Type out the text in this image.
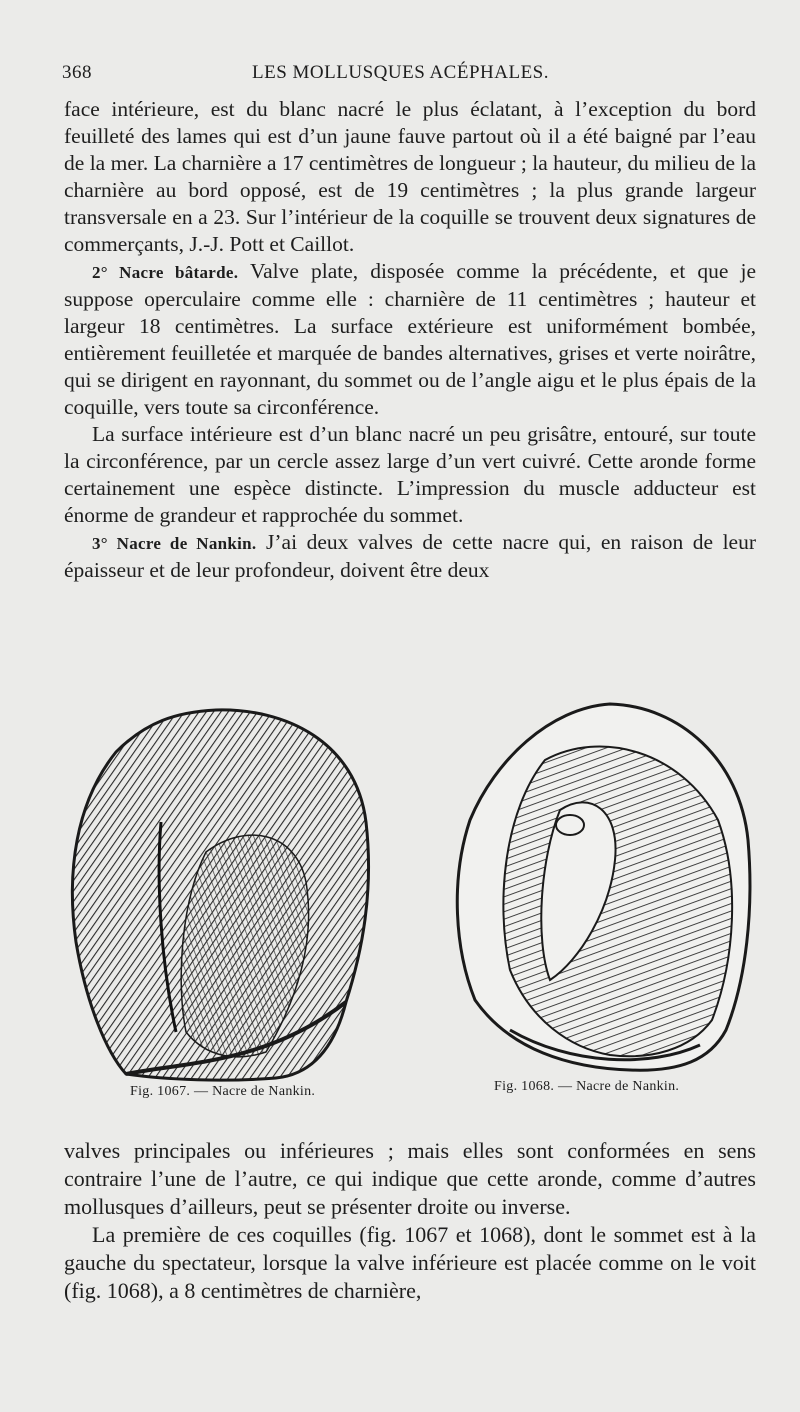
368	LES MOLLUSQUES ACÉPHALES.

face intérieure, est du blanc nacré le plus éclatant, à l’exception du bord feuilleté des lames qui est d’un jaune fauve partout où il a été baigné par l’eau de la mer. La charnière a 17 centimètres de longueur ; la hauteur, du milieu de la charnière au bord opposé, est de 19 centimètres ; la plus grande largeur transversale en a 23. Sur l’intérieur de la coquille se trouvent deux signatures de commerçants, J.-J. Pott et Caillot.

2° Nacre bâtarde. Valve plate, disposée comme la précédente, et que je suppose operculaire comme elle : charnière de 11 centimètres ; hauteur et largeur 18 centimètres. La surface extérieure est uniformément bombée, entièrement feuilletée et marquée de bandes alternatives, grises et verte noirâtre, qui se dirigent en rayonnant, du sommet ou de l’angle aigu et le plus épais de la coquille, vers toute sa circonférence.

La surface intérieure est d’un blanc nacré un peu grisâtre, entouré, sur toute la circonférence, par un cercle assez large d’un vert cuivré. Cette aronde forme certainement une espèce distincte. L’impression du muscle adducteur est énorme de grandeur et rapprochée du sommet.

3° Nacre de Nankin. J’ai deux valves de cette nacre qui, en raison de leur épaisseur et de leur profondeur, doivent être deux

Fig. 1067. — Nacre de Nankin.	Fig. 1068. — Nacre de Nankin.

valves principales ou inférieures ; mais elles sont conformées en sens contraire l’une de l’autre, ce qui indique que cette aronde, comme d’autres mollusques d’ailleurs, peut se présenter droite ou inverse.

La première de ces coquilles (fig. 1067 et 1068), dont le sommet est à la gauche du spectateur, lorsque la valve inférieure est placée comme on le voit (fig. 1068), a 8 centimètres de charnière,
